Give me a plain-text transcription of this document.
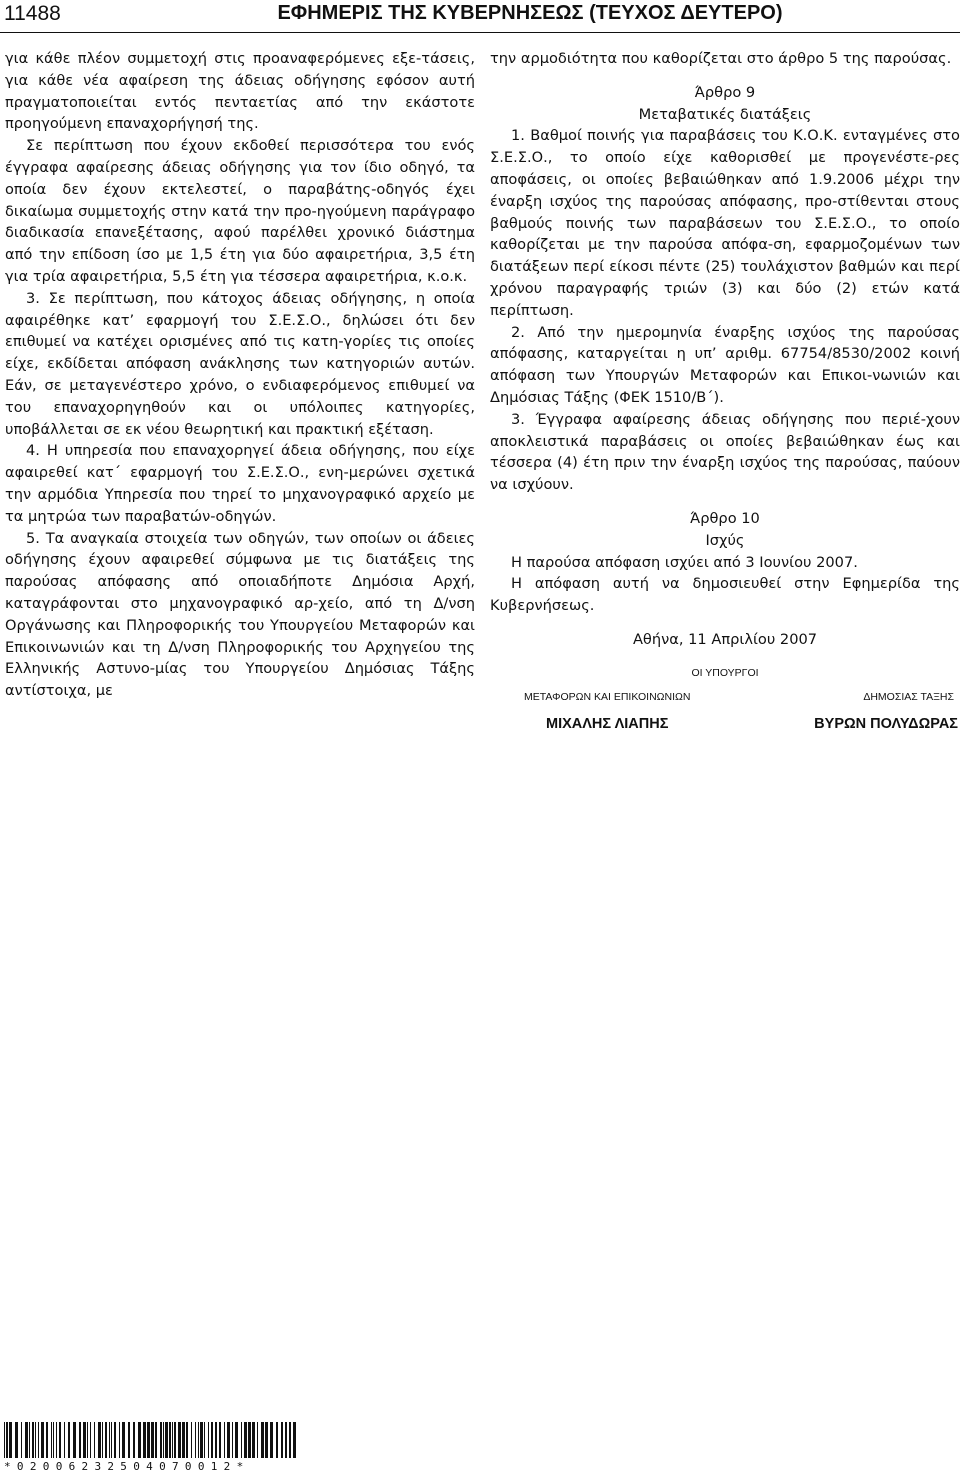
11488	ΕΦΗΜΕΡΙΣ ΤΗΣ ΚΥΒΕΡΝΗΣΕΩΣ (ΤΕΥΧΟΣ ΔΕΥΤΕΡΟ)

για κάθε πλέον συμμετοχή στις προαναφερόμενες εξε-τάσεις, για κάθε νέα αφαίρεση της άδειας οδήγησης εφόσον αυτή πραγματοποιείται εντός πενταετίας από την εκάστοτε προηγούμενη επαναχορήγησή της.

Σε περίπτωση που έχουν εκδοθεί περισσότερα του ενός έγγραφα αφαίρεσης άδειας οδήγησης για τον ίδιο οδηγό, τα οποία δεν έχουν εκτελεστεί, ο παραβάτης-οδηγός έχει δικαίωμα συμμετοχής στην κατά την προ-ηγούμενη παράγραφο διαδικασία επανεξέτασης, αφού παρέλθει χρονικό διάστημα από την επίδοση ίσο με 1,5 έτη για δύο αφαιρετήρια, 3,5 έτη για τρία αφαιρετήρια, 5,5 έτη για τέσσερα αφαιρετήρια, κ.ο.κ.

3. Σε περίπτωση, που κάτοχος άδειας οδήγησης, η οποία αφαιρέθηκε κατ’ εφαρμογή του Σ.Ε.Σ.Ο., δηλώσει ότι δεν επιθυμεί να κατέχει ορισμένες από τις κατη-γορίες τις οποίες είχε, εκδίδεται απόφαση ανάκλησης των κατηγοριών αυτών. Εάν, σε μεταγενέστερο χρόνο, ο ενδιαφερόμενος επιθυμεί να του επαναχορηγηθούν και οι υπόλοιπες κατηγορίες, υποβάλλεται σε εκ νέου θεωρητική και πρακτική εξέταση.

4. Η υπηρεσία που επαναχορηγεί άδεια οδήγησης, που είχε αφαιρεθεί κατ΄ εφαρμογή του Σ.Ε.Σ.Ο., ενη-μερώνει σχετικά την αρμόδια Υπηρεσία που τηρεί το μηχανογραφικό αρχείο με τα μητρώα των παραβατών-οδηγών.

5. Τα αναγκαία στοιχεία των οδηγών, των οποίων οι άδειες οδήγησης έχουν αφαιρεθεί σύμφωνα με τις διατάξεις της παρούσας απόφασης από οποιαδήποτε Δημόσια Αρχή, καταγράφονται στο μηχανογραφικό αρ-χείο, από τη Δ/νση Οργάνωσης και Πληροφορικής του Υπουργείου Μεταφορών και Επικοινωνιών και τη Δ/νση Πληροφορικής του Αρχηγείου της Ελληνικής Αστυνο-μίας του Υπουργείου Δημόσιας Τάξης αντίστοιχα, με

την αρμοδιότητα που καθορίζεται στο άρθρο 5 της παρούσας.

Άρθρο 9

Μεταβατικές διατάξεις

1. Βαθμοί ποινής για παραβάσεις του Κ.Ο.Κ. ενταγμένες στο Σ.Ε.Σ.Ο., το οποίο είχε καθορισθεί με προγενέστε-ρες αποφάσεις, οι οποίες βεβαιώθηκαν από 1.9.2006 μέχρι την έναρξη ισχύος της παρούσας απόφασης, προ-στίθενται στους βαθμούς ποινής των παραβάσεων του Σ.Ε.Σ.Ο., το οποίο καθορίζεται με την παρούσα απόφα-ση, εφαρμοζομένων των διατάξεων περί είκοσι πέντε (25) τουλάχιστον βαθμών και περί χρόνου παραγραφής τριών (3) και δύο (2) ετών κατά περίπτωση.

2. Από την ημερομηνία έναρξης ισχύος της παρούσας απόφασης, καταργείται η υπ’ αριθμ. 67754/8530/2002 κοινή απόφαση των Υπουργών Μεταφορών και Επικοι-νωνιών και Δημόσιας Τάξης (ΦΕΚ 1510/Β΄).

3. Έγγραφα αφαίρεσης άδειας οδήγησης που περιέ-χουν αποκλειστικά παραβάσεις οι οποίες βεβαιώθηκαν έως και τέσσερα (4) έτη πριν την έναρξη ισχύος της παρούσας, παύουν να ισχύουν.

Άρθρο 10

Ισχύς

Η παρούσα απόφαση ισχύει από 3 Ιουνίου 2007.

Η απόφαση αυτή να δημοσιευθεί στην Εφημερίδα της Κυβερνήσεως.

Αθήνα, 11 Απριλίου 2007

ΟΙ ΥΠΟΥΡΓΟΙ
ΜΕΤΑΦΟΡΩΝ ΚΑΙ ΕΠΙΚΟΙΝΩΝΙΩΝ	ΔΗΜΟΣΙΑΣ ΤΑΞΗΣ
ΜΙΧΑΛΗΣ ΛΙΑΠΗΣ	ΒΥΡΩΝ ΠΟΛΥΔΩΡΑΣ
*02006232504070012*
